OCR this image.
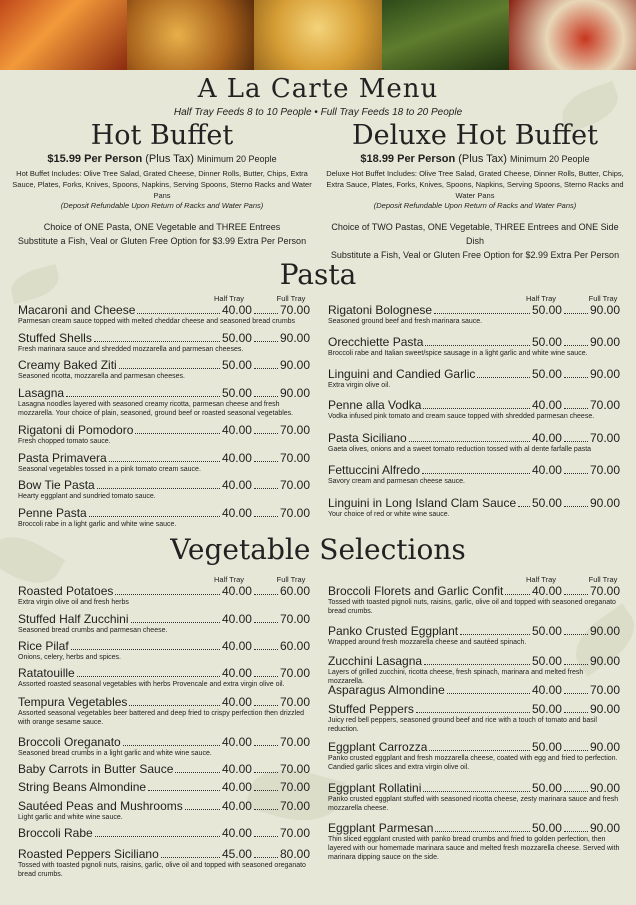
A La Carte Menu
Half Tray Feeds 8 to 10 People • Full Tray Feeds 18 to 20 People
Hot Buffet
$15.99 Per Person (Plus Tax) Minimum 20 People
Hot Buffet Includes: Olive Tree Salad, Grated Cheese, Dinner Rolls, Butter, Chips, Extra Sauce, Plates, Forks, Knives, Spoons, Napkins, Serving Spoons, Sterno Racks and Water Pans
(Deposit Refundable Upon Return of Racks and Water Pans)
Choice of ONE Pasta, ONE Vegetable and THREE Entrees
Substitute a Fish, Veal or Gluten Free Option for $3.99 Extra Per Person
Deluxe Hot Buffet
$18.99 Per Person (Plus Tax) Minimum 20 People
Deluxe Hot Buffet Includes: Olive Tree Salad, Grated Cheese, Dinner Rolls, Butter, Chips, Extra Sauce, Plates, Forks, Knives, Spoons, Napkins, Serving Spoons, Sterno Racks and Water Pans
(Deposit Refundable Upon Return of Racks and Water Pans)
Choice of TWO Pastas, ONE Vegetable, THREE Entrees and ONE Side Dish
Substitute a Fish, Veal or Gluten Free Option for $2.99 Extra Per Person
Pasta
Half Tray	Full Tray	Half Tray	Full Tray
Macaroni and Cheese	40.00 70.00
Parmesan cream sauce topped with melted cheddar cheese and seasoned bread crumbs
Stuffed Shells	50.00 90.00
Fresh marinara sauce and shredded mozzarella and parmesan cheeses.
Creamy Baked Ziti	50.00 90.00
Seasoned ricotta, mozzarella and parmesan cheeses.
Lasagna	50.00 90.00
Lasagna noodles layered with seasoned creamy ricotta, parmesan cheese and fresh mozzarella. Your choice of plain, seasoned, ground beef or roasted seasonal vegetables.
Rigatoni di Pomodoro	40.00 70.00
Fresh chopped tomato sauce.
Pasta Primavera	40.00 70.00
Seasonal vegetables tossed in a pink tomato cream sauce.
Bow Tie Pasta	40.00 70.00
Hearty eggplant and sundried tomato sauce.
Penne Pasta	40.00 70.00
Broccoli rabe in a light garlic and white wine sauce.
Rigatoni Bolognese	50.00 90.00
Seasoned ground beef and fresh marinara sauce.
Orecchiette Pasta	50.00 90.00
Broccoli rabe and Italian sweet/spice sausage in a light garlic and white wine sauce.
Linguini and Candied Garlic	50.00 90.00
Extra virgin olive oil.
Penne alla Vodka	40.00 70.00
Vodka infused pink tomato and cream sauce topped with shredded parmesan cheese.
Pasta Siciliano	40.00 70.00
Gaeta olives, onions and a sweet tomato reduction tossed with al dente farfalle pasta
Fettuccini Alfredo	40.00 70.00
Savory cream and parmesan cheese sauce.
Linguini in Long Island Clam Sauce 50.00 90.00
Your choice of red or white wine sauce.
Vegetable Selections
Half Tray	Full Tray	Half Tray	Full Tray
Roasted Potatoes	40.00 60.00
Extra virgin olive oil and fresh herbs
Stuffed Half Zucchini	40.00 70.00
Seasoned bread crumbs and parmesan cheese.
Rice Pilaf	40.00 60.00
Onions, celery, herbs and spices.
Ratatouille	40.00 70.00
Assorted roasted seasonal vegetables with herbs Provencale and extra virgin olive oil.
Tempura Vegetables	40.00 70.00
Assorted seasonal vegetables beer battered and deep fried to crispy perfection then drizzled with orange sesame sauce.
Broccoli Oreganato	40.00 70.00
Seasoned bread crumbs in a light garlic and white wine sauce.
Baby Carrots in Butter Sauce	40.00 70.00
String Beans Almondine	40.00 70.00
Sautéed Peas and Mushrooms	40.00 70.00
Light garlic and white wine sauce.
Broccoli Rabe	40.00 70.00
Roasted Peppers Siciliano	45.00 80.00
Tossed with toasted pignoli nuts, raisins, garlic, olive oil and topped with seasoned oreganato bread crumbs.
Broccoli Florets and Garlic Confit 40.00 70.00
Tossed with toasted pignoli nuts, raisins, garlic, olive oil and topped with seasoned oreganato bread crumbs.
Panko Crusted Eggplant	50.00 90.00
Wrapped around fresh mozzarella cheese and sautéed spinach.
Zucchini Lasagna	50.00 90.00
Layers of grilled zucchini, ricotta cheese, fresh spinach, marinara and melted fresh mozzarella.
Asparagus Almondine	40.00 70.00
Stuffed Peppers	50.00 90.00
Juicy red bell peppers, seasoned ground beef and rice with a touch of tomato and basil reduction.
Eggplant Carrozza	50.00 90.00
Panko crusted eggplant and fresh mozzarella cheese, coated with egg and fried to perfection. Candied garlic slices and extra virgin olive oil.
Eggplant Rollatini	50.00 90.00
Panko crusted eggplant stuffed with seasoned ricotta cheese, zesty marinara sauce and fresh mozzarella cheese.
Eggplant Parmesan	50.00 90.00
Thin sliced eggplant crusted with panko bread crumbs and fried to golden perfection, then layered with our homemade marinara sauce and melted fresh mozzarella cheese. Served with marinara dipping sauce on the side.
